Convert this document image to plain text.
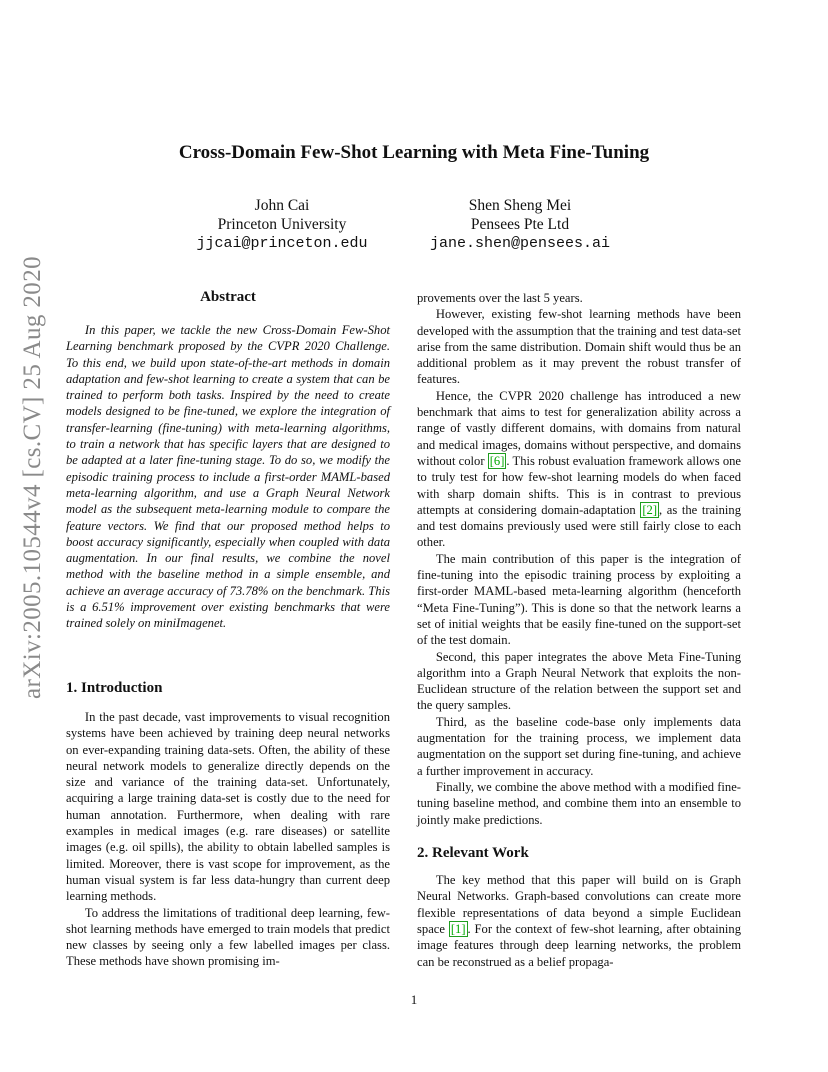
arXiv:2005.10544v4 [cs.CV] 25 Aug 2020
Cross-Domain Few-Shot Learning with Meta Fine-Tuning
John Cai
Princeton University
jjcai@princeton.edu
Shen Sheng Mei
Pensees Pte Ltd
jane.shen@pensees.ai
Abstract

In this paper, we tackle the new Cross-Domain Few-Shot Learning benchmark proposed by the CVPR 2020 Challenge. To this end, we build upon state-of-the-art methods in domain adaptation and few-shot learning to create a system that can be trained to perform both tasks. Inspired by the need to create models designed to be fine-tuned, we explore the integration of transfer-learning (fine-tuning) with meta-learning algorithms, to train a network that has specific layers that are designed to be adapted at a later fine-tuning stage. To do so, we modify the episodic training process to include a first-order MAML-based meta-learning algorithm, and use a Graph Neural Network model as the subsequent meta-learning module to compare the feature vectors. We find that our proposed method helps to boost accuracy significantly, especially when coupled with data augmentation. In our final results, we combine the novel method with the baseline method in a simple ensemble, and achieve an average accuracy of 73.78% on the benchmark. This is a 6.51% improvement over existing benchmarks that were trained solely on miniImagenet.

1. Introduction

In the past decade, vast improvements to visual recognition systems have been achieved by training deep neural networks on ever-expanding training data-sets. Often, the ability of these neural network models to generalize directly depends on the size and variance of the training data-set. Unfortunately, acquiring a large training data-set is costly due to the need for human annotation. Furthermore, when dealing with rare examples in medical images (e.g. rare diseases) or satellite images (e.g. oil spills), the ability to obtain labelled samples is limited. Moreover, there is vast scope for improvement, as the human visual system is far less data-hungry than current deep learning methods.

To address the limitations of traditional deep learning, few-shot learning methods have emerged to train models that predict new classes by seeing only a few labelled images per class. These methods have shown promising im-

provements over the last 5 years.

However, existing few-shot learning methods have been developed with the assumption that the training and test data-set arise from the same distribution. Domain shift would thus be an additional problem as it may prevent the robust transfer of features.

Hence, the CVPR 2020 challenge has introduced a new benchmark that aims to test for generalization ability across a range of vastly different domains, with domains from natural and medical images, domains without perspective, and domains without color [6] . This robust evaluation framework allows one to truly test for how few-shot learning models do when faced with sharp domain shifts. This is in contrast to previous attempts at considering domain-adaptation [2] , as the training and test domains previously used were still fairly close to each other.

The main contribution of this paper is the integration of fine-tuning into the episodic training process by exploiting a first-order MAML-based meta-learning algorithm (henceforth “Meta Fine-Tuning”). This is done so that the network learns a set of initial weights that be easily fine-tuned on the support-set of the test domain.

Second, this paper integrates the above Meta Fine-Tuning algorithm into a Graph Neural Network that exploits the non-Euclidean structure of the relation between the support set and the query samples.

Third, as the baseline code-base only implements data augmentation for the training process, we implement data augmentation on the support set during fine-tuning, and achieve a further improvement in accuracy.

Finally, we combine the above method with a modified fine-tuning baseline method, and combine them into an ensemble to jointly make predictions.

2. Relevant Work

The key method that this paper will build on is Graph Neural Networks. Graph-based convolutions can create more flexible representations of data beyond a simple Euclidean space [1] . For the context of few-shot learning, after obtaining image features through deep learning networks, the problem can be reconstrued as a belief propaga-

1
